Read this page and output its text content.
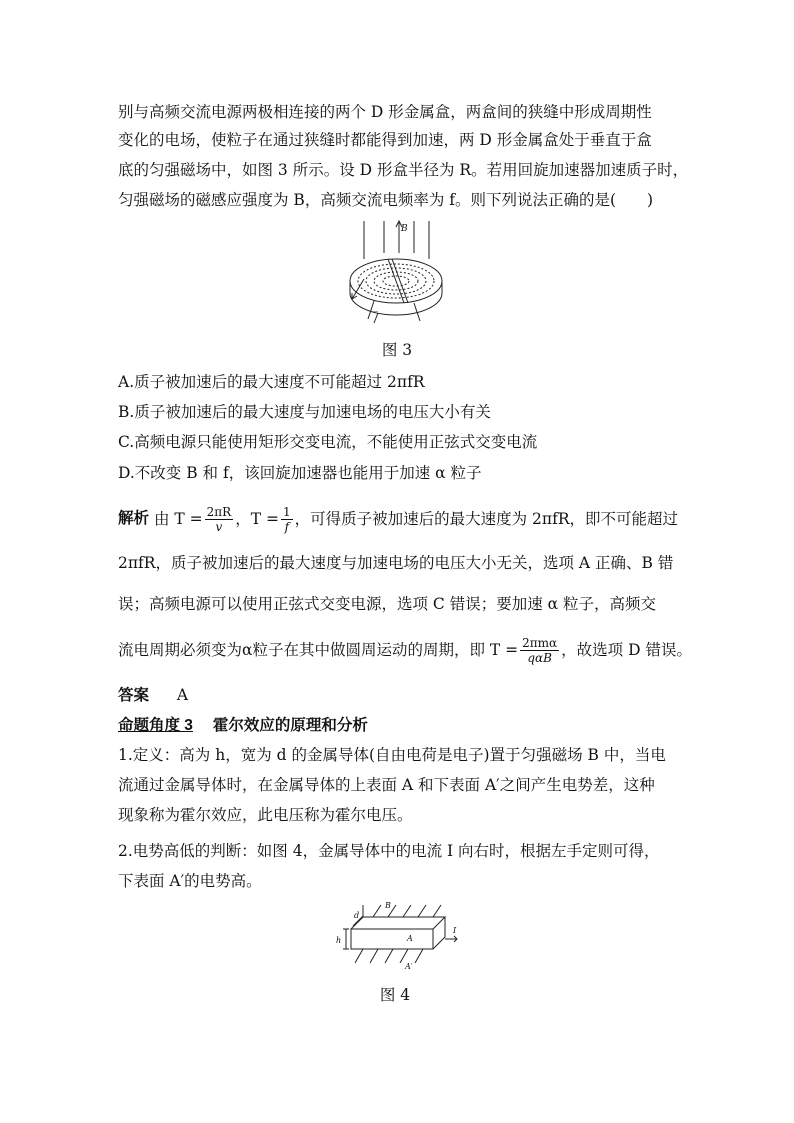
别与高频交流电源两极相连接的两个 D 形金属盒，两盒间的狭缝中形成周期性
变化的电场，使粒子在通过狭缝时都能得到加速，两 D 形金属盒处于垂直于盒
底的匀强磁场中，如图 3 所示。设 D 形盒半径为 R。若用回旋加速器加速质子时，
匀强磁场的磁感应强度为 B，高频交流电频率为 f。则下列说法正确的是(　　)
B
－
图 3
A.质子被加速后的最大速度不可能超过 2πfR
B.质子被加速后的最大速度与加速电场的电压大小有关
C.高频电源只能使用矩形交变电流，不能使用正弦式交变电流
D.不改变 B 和 f，该回旋加速器也能用于加速 α 粒子
解析 由 $T = \frac{2\pi R}{v}$ ，$T = \frac{1}{f}$ ，可得质子被加速后的最大速度为 2πfR，即不可能超过
2πfR，质子被加速后的最大速度与加速电场的电压大小无关，选项 A 正确、B 错
误；高频电源可以使用正弦式交变电源，选项 C 错误；要加速 α 粒子，高频交
流电周期必须变为α粒子在其中做圆周运动的周期，即 $T = \frac{\text{2πmα}}{\text{qαB}}$ ，故选项 D 错误。
答案 A
命题角度 3 霍尔效应的原理和分析
1.定义：高为 h，宽为 d 的金属导体(自由电荷是电子)置于匀强磁场 B 中，当电
流通过金属导体时，在金属导体的上表面 A 和下表面 A′之间产生电势差，这种
现象称为霍尔效应，此电压称为霍尔电压。
2.电势高低的判断：如图 4，金属导体中的电流 I 向右时，根据左手定则可得，
下表面 A′的电势高。
d
B
A
I
h
A′
图 4
